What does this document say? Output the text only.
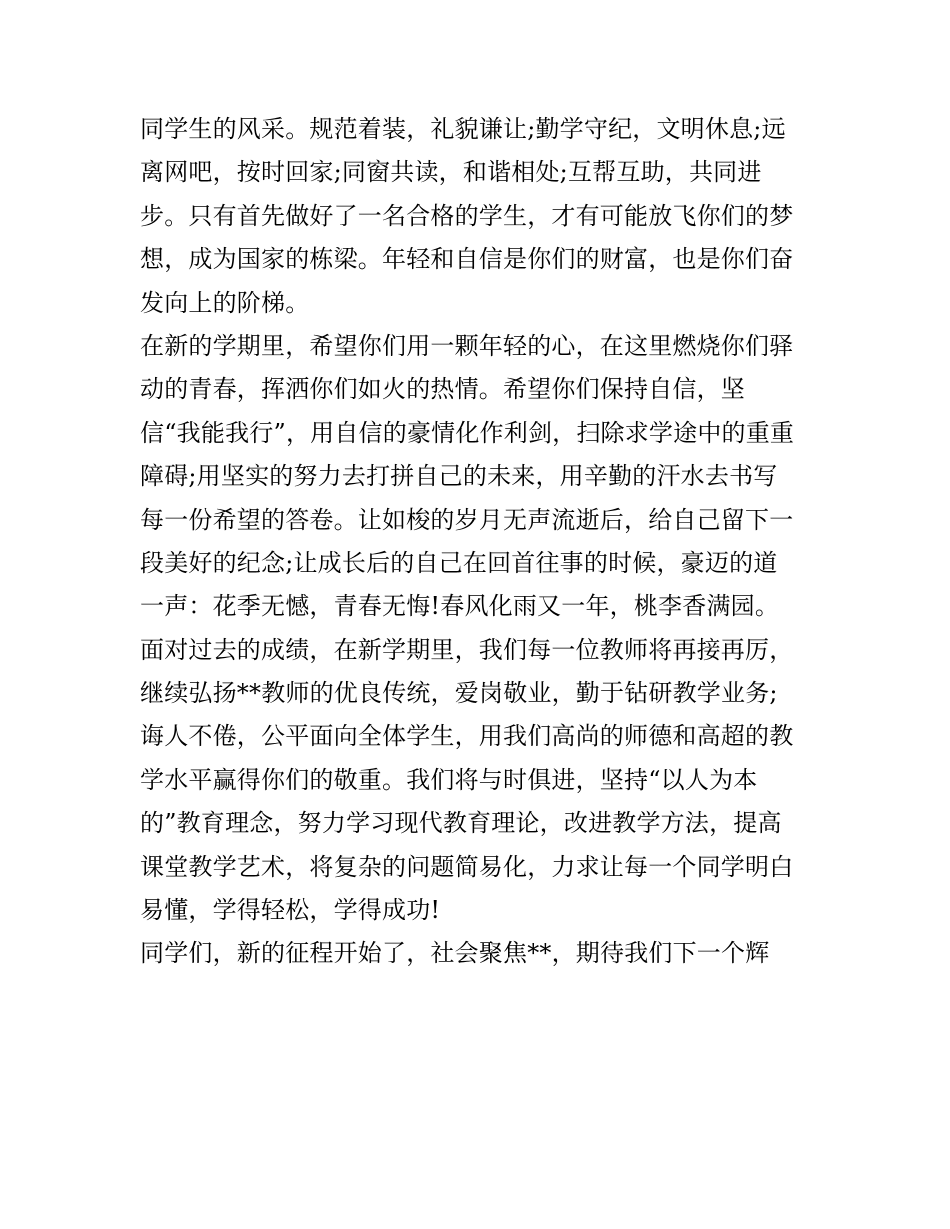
同学生的风采。规范着装，礼貌谦让;勤学守纪，文明休息;远
离网吧，按时回家;同窗共读，和谐相处;互帮互助，共同进
步。只有首先做好了一名合格的学生，才有可能放飞你们的梦
想，成为国家的栋梁。年轻和自信是你们的财富，也是你们奋
发向上的阶梯。
在新的学期里，希望你们用一颗年轻的心，在这里燃烧你们驿
动的青春，挥洒你们如火的热情。希望你们保持自信，坚
信“我能我行”，用自信的豪情化作利剑，扫除求学途中的重重
障碍;用坚实的努力去打拼自己的未来，用辛勤的汗水去书写
每一份希望的答卷。让如梭的岁月无声流逝后，给自己留下一
段美好的纪念;让成长后的自己在回首往事的时候，豪迈的道
一声：花季无憾，青春无悔!春风化雨又一年，桃李香满园。
面对过去的成绩，在新学期里，我们每一位教师将再接再厉，
继续弘扬**教师的优良传统，爱岗敬业，勤于钻研教学业务;
诲人不倦，公平面向全体学生，用我们高尚的师德和高超的教
学水平赢得你们的敬重。我们将与时俱进，坚持“以人为本
的”教育理念，努力学习现代教育理论，改进教学方法，提高
课堂教学艺术，将复杂的问题简易化，力求让每一个同学明白
易懂，学得轻松，学得成功!
同学们，新的征程开始了，社会聚焦**，期待我们下一个辉
